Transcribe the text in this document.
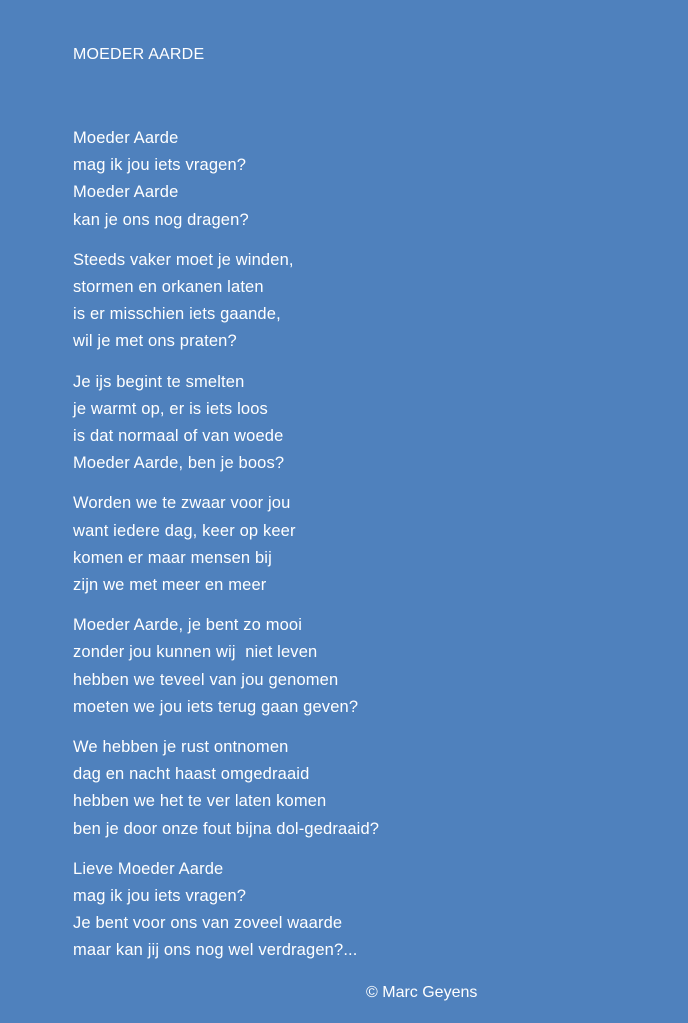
MOEDER AARDE
Moeder Aarde
mag ik jou iets vragen?
Moeder Aarde
kan je ons nog dragen?
Steeds vaker moet je winden,
stormen en orkanen laten
is er misschien iets gaande,
wil je met ons praten?
Je ijs begint te smelten
je warmt op, er is iets loos
is dat normaal of van woede
Moeder Aarde, ben je boos?
Worden we te zwaar voor jou
want iedere dag, keer op keer
komen er maar mensen bij
zijn we met meer en meer
Moeder Aarde, je bent zo mooi
zonder jou kunnen wij  niet leven
hebben we teveel van jou genomen
moeten we jou iets terug gaan geven?
We hebben je rust ontnomen
dag en nacht haast omgedraaid
hebben we het te ver laten komen
ben je door onze fout bijna dol-gedraaid?
Lieve Moeder Aarde
mag ik jou iets vragen?
Je bent voor ons van zoveel waarde
maar kan jij ons nog wel verdragen?...
© Marc Geyens
